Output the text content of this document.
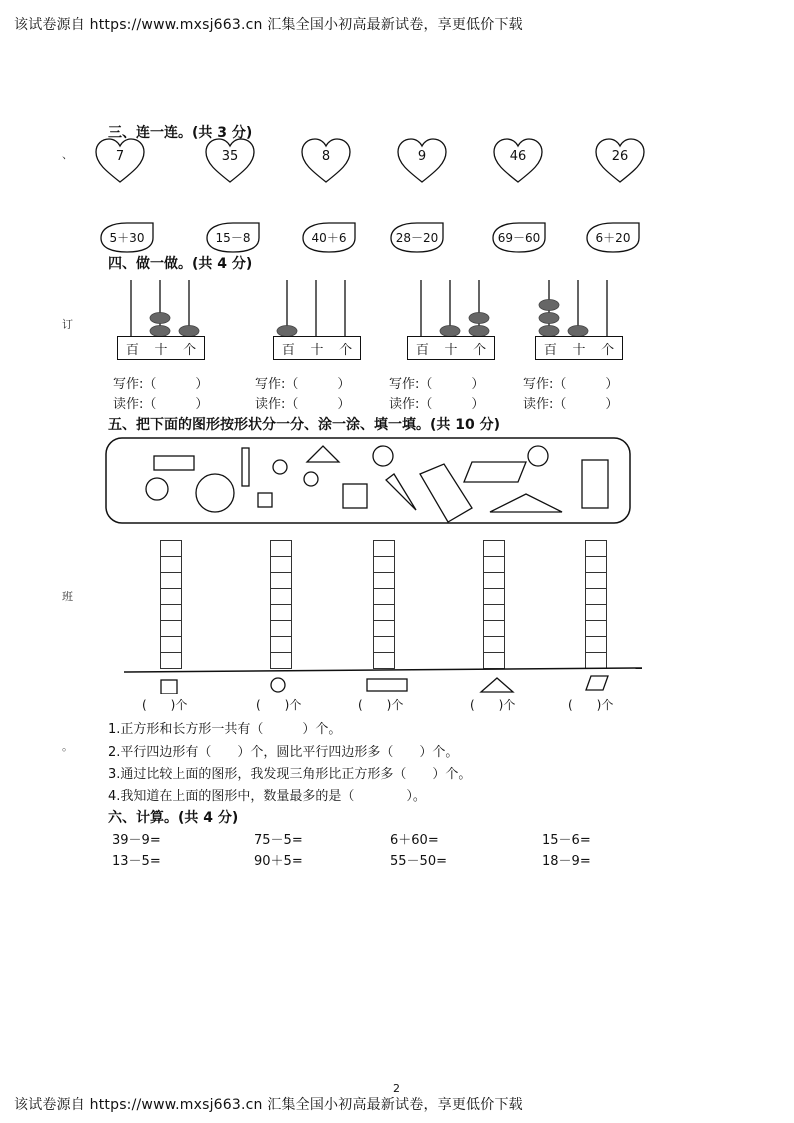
该试卷源自 https://www.mxsj663.cn 汇集全国小初高最新试卷，享更低价下载
2
该试卷源自 https://www.mxsj663.cn 汇集全国小初高最新试卷，享更低价下载
、
订
班
。
三、连一连。(共 3 分)
7	35	8	9	46	26
5＋30	15－8	40＋6	28－20	69－60	6＋20
四、做一做。(共 4 分)
百 十 个
写作:（　　　）
读作:（　　　）
百 十 个
写作:（　　　）
读作:（　　　）
百 十 个
写作:（　　　）
读作:（　　　）
百 十 个
写作:（　　　）
读作:（　　　）
五、把下面的图形按形状分一分、涂一涂、填一填。(共 10 分)
(　　)个	(　　)个	(　　)个	(　　)个	(　　)个
1.正方形和长方形一共有（　　　）个。
2.平行四边形有（　　）个，圆比平行四边形多（　　）个。
3.通过比较上面的图形，我发现三角形比正方形多（　　）个。
4.我知道在上面的图形中，数量最多的是（　　　　）。
六、计算。(共 4 分)
39－9=	75－5=	6＋60=	15－6=
13－5=	90＋5=	55－50=	18－9=
